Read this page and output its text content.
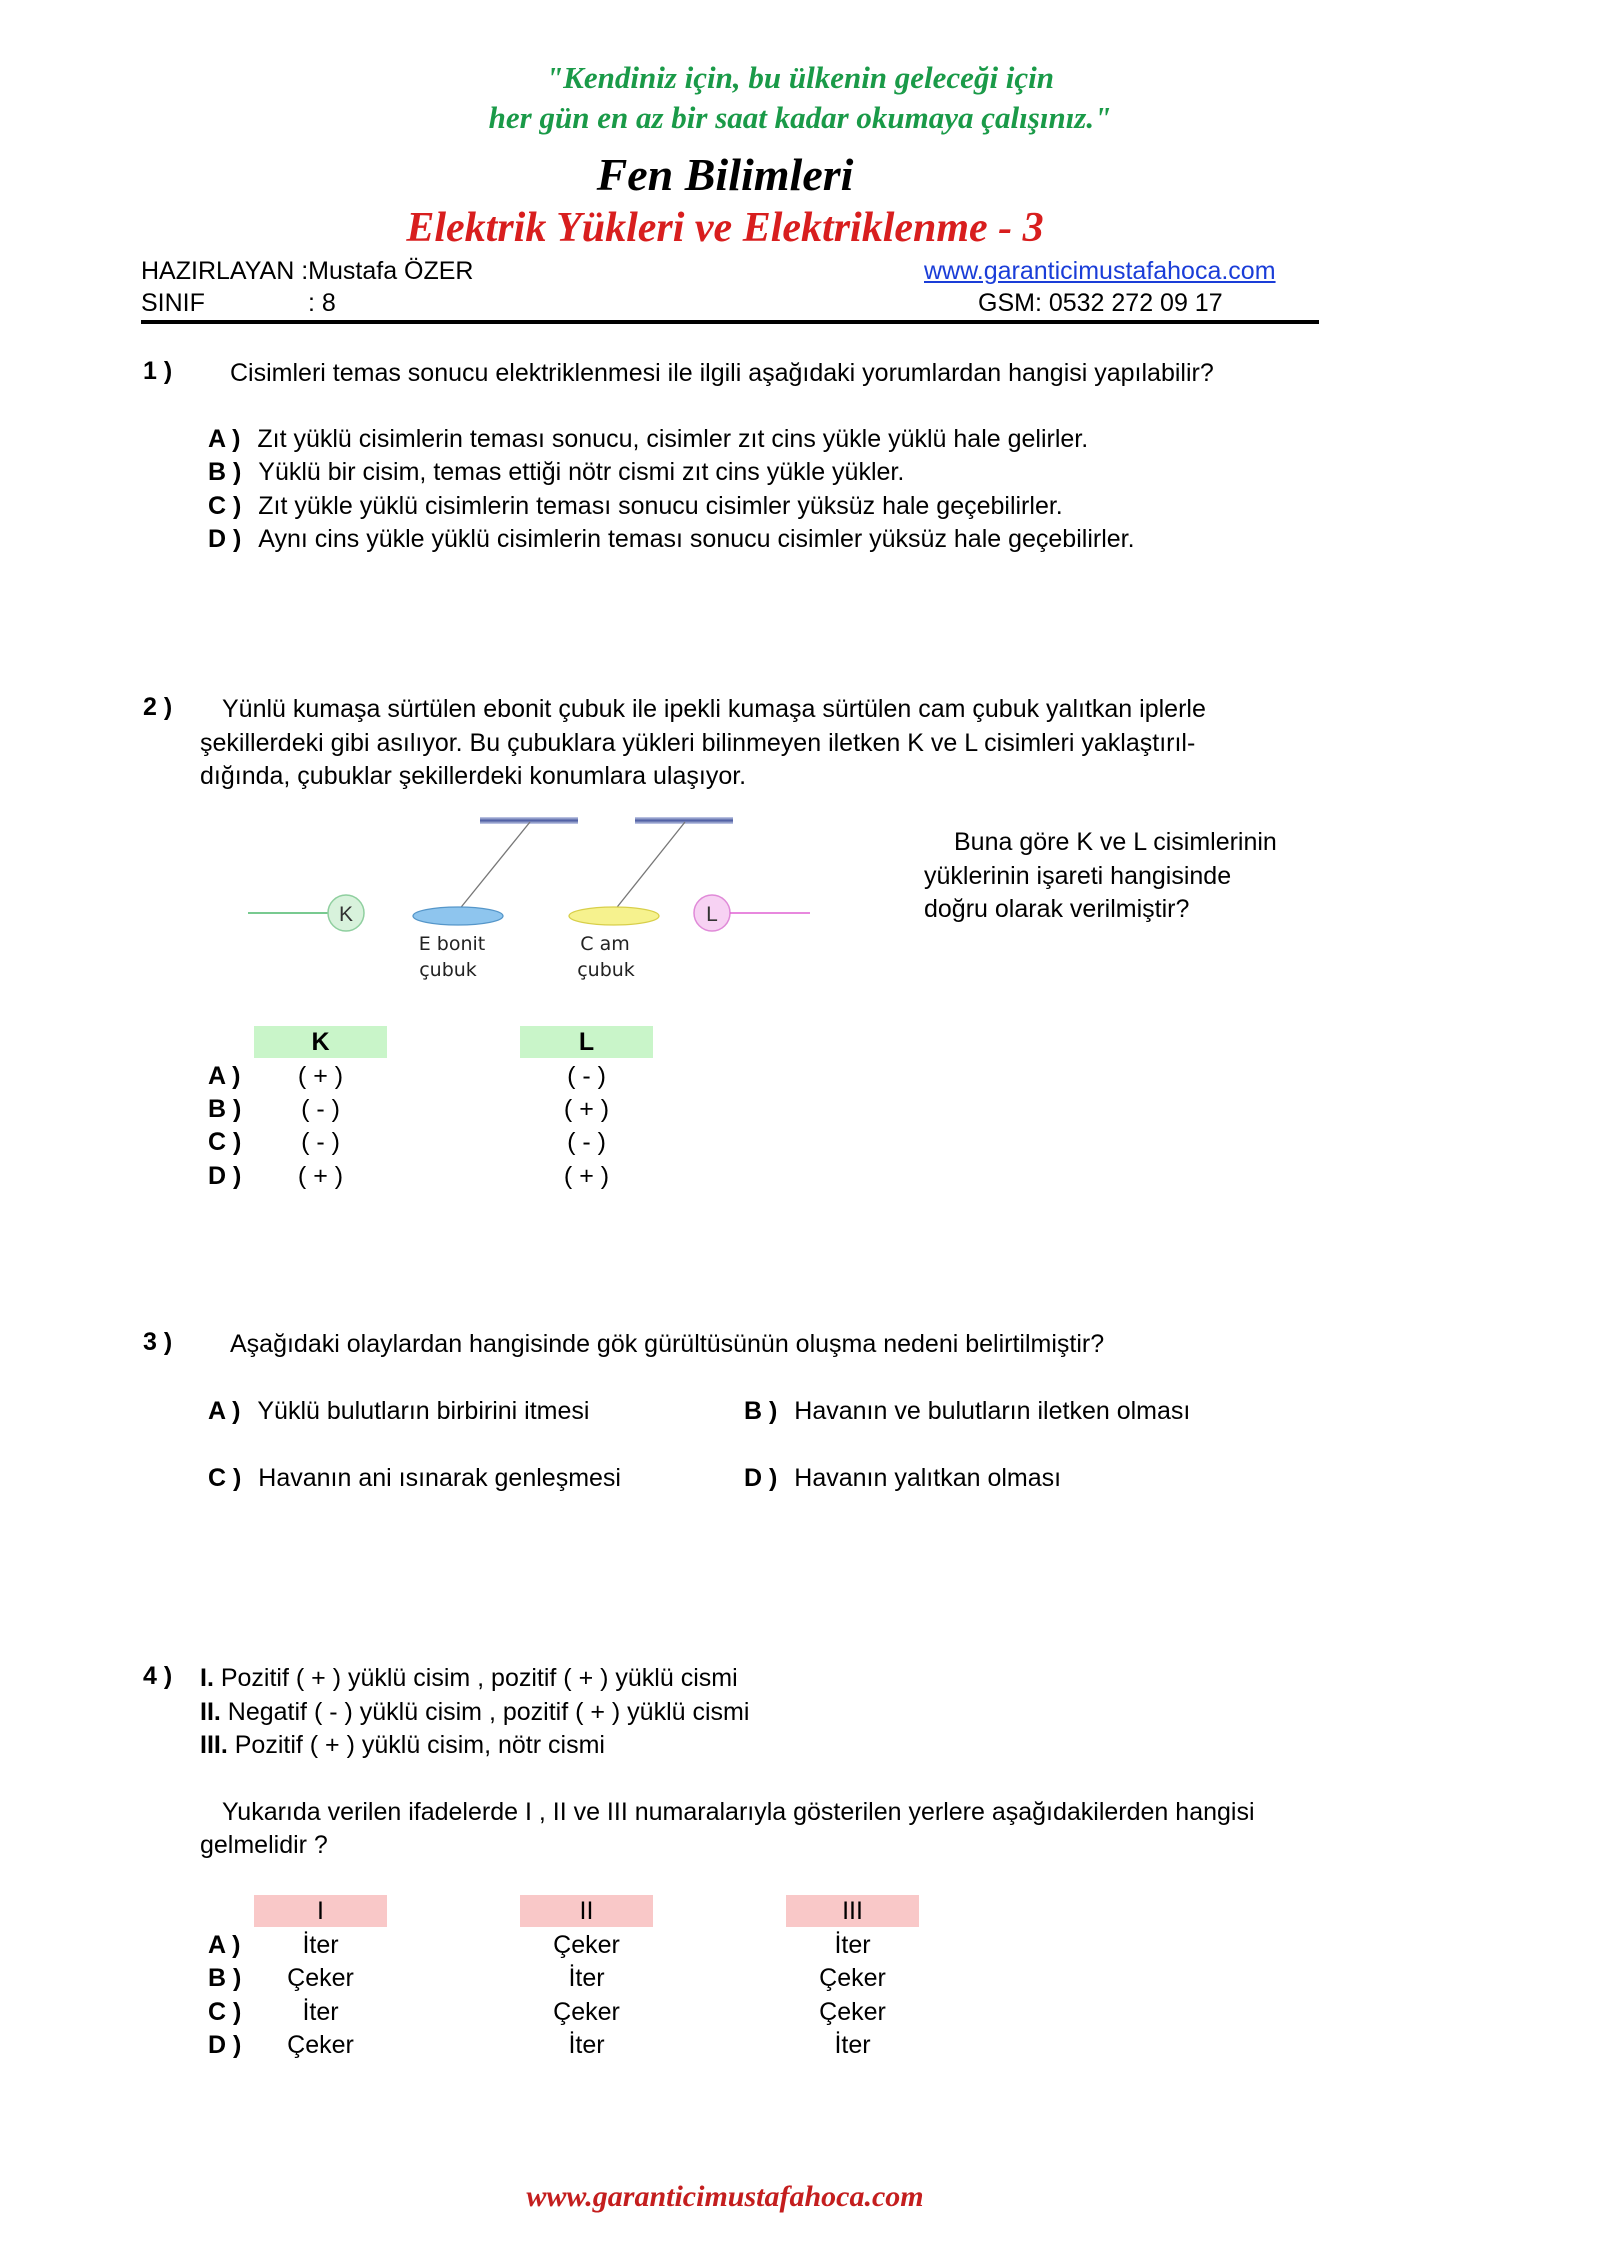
"Kendiniz için, bu ülkenin geleceği için
her gün en az bir saat kadar okumaya çalışınız."
Fen Bilimleri
Elektrik Yükleri ve Elektriklenme - 3
HAZIRLAYAN :Mustafa ÖZER	www.garanticimustafahoca.com
SINIF	: 8	GSM: 0532 272 09 17
1 ) Cisimleri temas sonucu elektriklenmesi ile ilgili aşağıdaki yorumlardan hangisi yapılabilir?
A ) Zıt yüklü cisimlerin teması sonucu, cisimler zıt cins yükle yüklü hale gelirler.
B ) Yüklü bir cisim, temas ettiği nötr cismi zıt cins yükle yükler.
C ) Zıt yükle yüklü cisimlerin teması sonucu cisimler yüksüz hale geçebilirler.
D ) Aynı cins yükle yüklü cisimlerin teması sonucu cisimler yüksüz hale geçebilirler.
2 ) Yünlü kumaşa sürtülen ebonit çubuk ile ipekli kumaşa sürtülen cam çubuk yalıtkan iplerle
şekillerdeki gibi asılıyor. Bu çubuklara yükleri bilinmeyen iletken K ve L cisimleri yaklaştırıl-
dığında, çubuklar şekillerdeki konumlara ulaşıyor.
K
E bonit
çubuk
C am
çubuk
L
Buna göre K ve L cisimlerinin
yüklerinin işareti hangisinde
doğru olarak verilmiştir?
K	L
A )	( + )	( - )
B )	( - )	( + )
C )	( - )	( - )
D )	( + )	( + )
3 ) Aşağıdaki olaylardan hangisinde gök gürültüsünün oluşma nedeni belirtilmiştir?
A ) Yüklü bulutların birbirini itmesi	B ) Havanın ve bulutların iletken olması
C ) Havanın ani ısınarak genleşmesi	D ) Havanın yalıtkan olması
4 ) I. Pozitif ( + ) yüklü cisim , pozitif ( + ) yüklü cismi
II. Negatif ( - ) yüklü cisim , pozitif ( + ) yüklü cismi
III. Pozitif ( + ) yüklü cisim, nötr cismi
Yukarıda verilen ifadelerde I , II ve III numaralarıyla gösterilen yerlere aşağıdakilerden hangisi
gelmelidir ?
I	II	III
A )	İter	Çeker	İter
B )	Çeker	İter	Çeker
C )	İter	Çeker	Çeker
D )	Çeker	İter	İter
www.garanticimustafahoca.com
